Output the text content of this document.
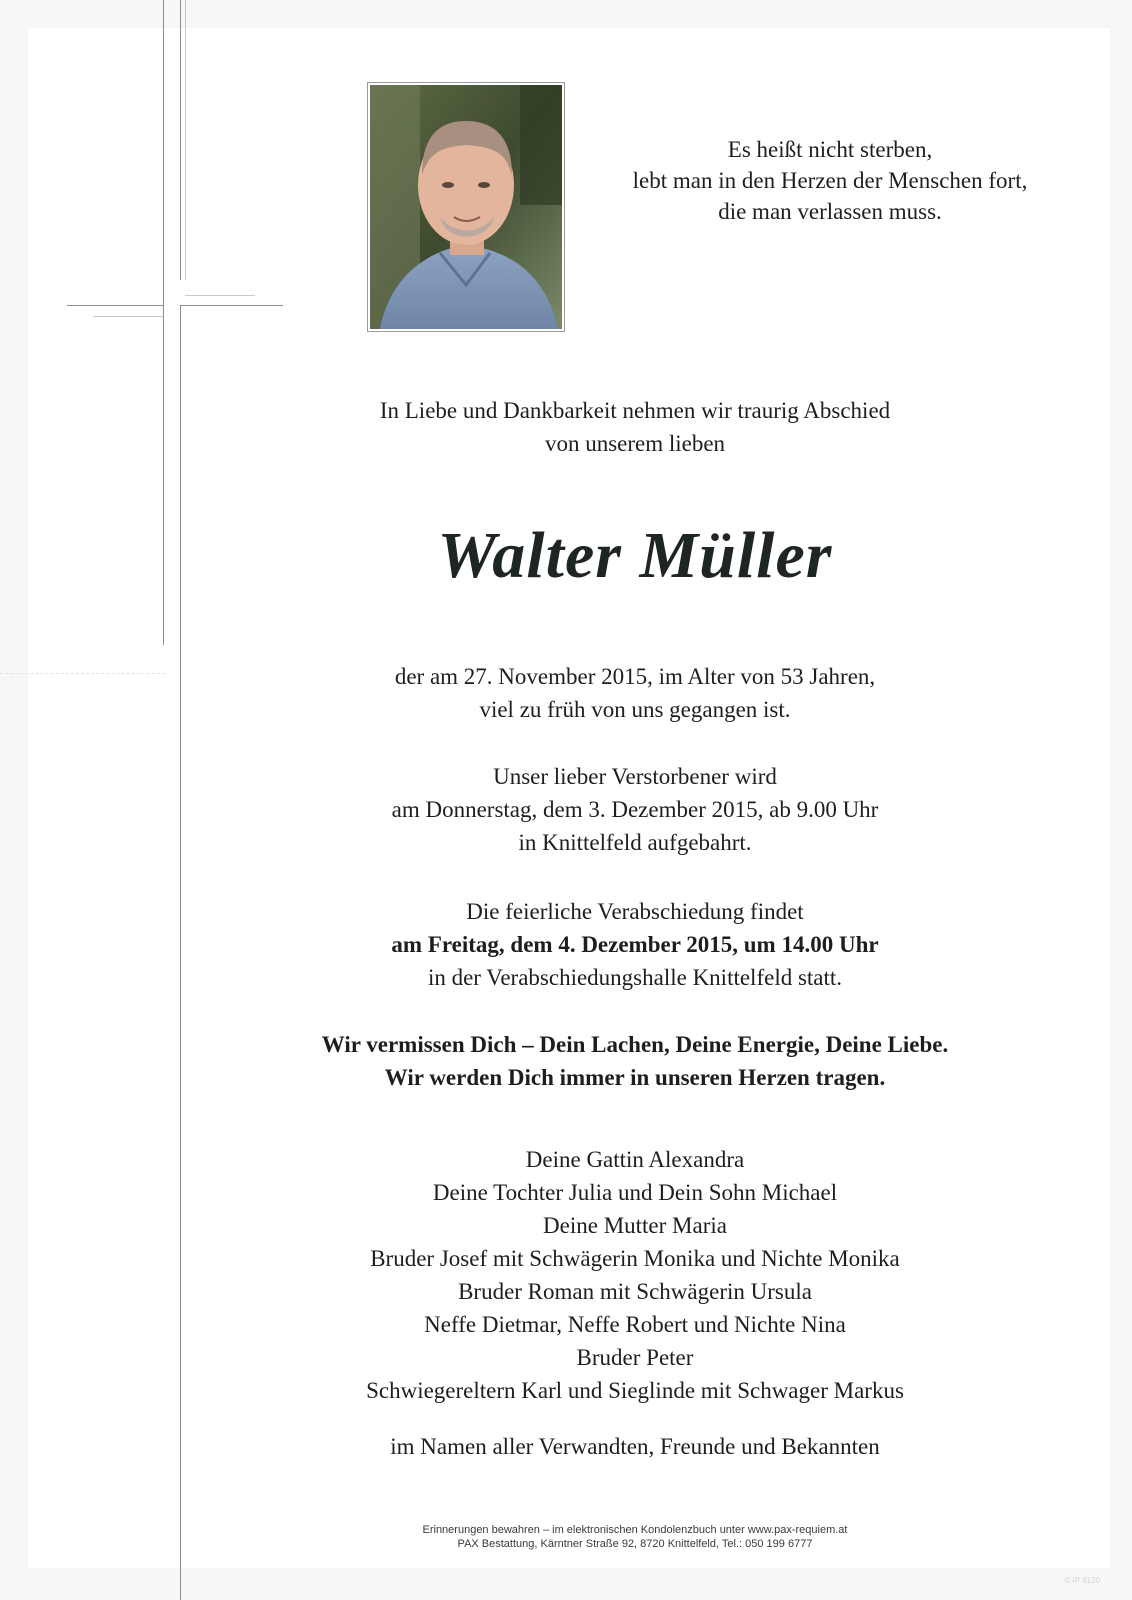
Es heißt nicht sterben,
lebt man in den Herzen der Menschen fort,
die man verlassen muss.
In Liebe und Dankbarkeit nehmen wir traurig Abschied
von unserem lieben
Walter Müller
der am 27. November 2015, im Alter von 53 Jahren,
viel zu früh von uns gegangen ist.
Unser lieber Verstorbener wird
am Donnerstag, dem 3. Dezember 2015, ab 9.00 Uhr
in Knittelfeld aufgebahrt.
Die feierliche Verabschiedung findet
am Freitag, dem 4. Dezember 2015, um 14.00 Uhr
in der Verabschiedungshalle Knittelfeld statt.
Wir vermissen Dich – Dein Lachen, Deine Energie, Deine Liebe.
Wir werden Dich immer in unseren Herzen tragen.
Deine Gattin Alexandra
Deine Tochter Julia und Dein Sohn Michael
Deine Mutter Maria
Bruder Josef mit Schwägerin Monika und Nichte Monika
Bruder Roman mit Schwägerin Ursula
Neffe Dietmar, Neffe Robert und Nichte Nina
Bruder Peter
Schwiegereltern Karl und Sieglinde mit Schwager Markus
im Namen aller Verwandten, Freunde und Bekannten
Erinnerungen bewahren – im elektronischen Kondolenzbuch unter www.pax-requiem.at
PAX Bestattung, Kärntner Straße 92, 8720 Knittelfeld, Tel.: 050 199 6777
© IP 9120
